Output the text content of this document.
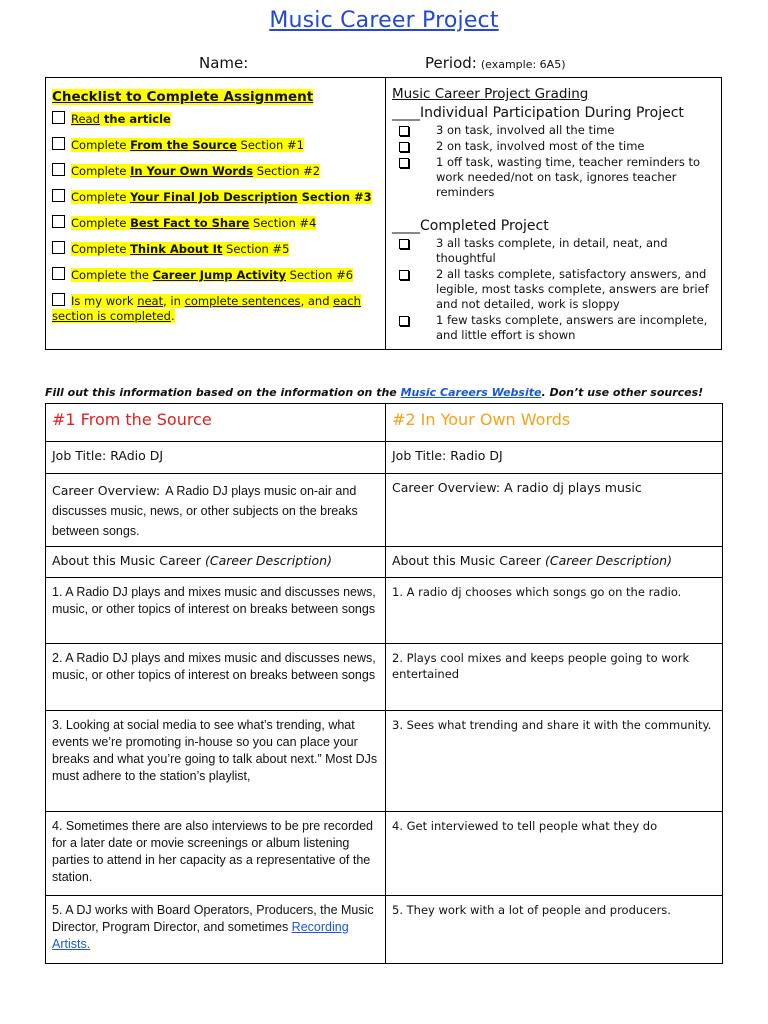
Music Career Project
Name:	Period: (example: 6A5)
Checklist to Complete Assignment
Read the article
Complete From the Source Section #1
Complete In Your Own Words Section #2
Complete Your Final Job Description Section #3
Complete Best Fact to Share Section #4
Complete Think About It Section #5
Complete the Career Jump Activity Section #6
Is my work neat, in complete sentences, and each section is completed.
Music Career Project Grading
____Individual Participation During Project
3 on task, involved all the time
2 on task, involved most of the time
1 off task, wasting time, teacher reminders to work needed/not on task, ignores teacher reminders
____Completed Project
3 all tasks complete, in detail, neat, and thoughtful
2 all tasks complete, satisfactory answers, and legible, most tasks complete, answers are brief and not detailed, work is sloppy
1 few tasks complete, answers are incomplete, and little effort is shown
Fill out this information based on the information on the Music Careers Website. Don’t use other sources!
#1 From the Source	#2 In Your Own Words
Job Title: RAdio DJ	Job Title: Radio DJ
Career Overview: A Radio DJ plays music on-air and discusses music, news, or other subjects on the breaks between songs.	Career Overview: A radio dj plays music
About this Music Career (Career Description)	About this Music Career (Career Description)
1. A Radio DJ plays and mixes music and discusses news, music, or other topics of interest on breaks between songs	1. A radio dj chooses which songs go on the radio.
2. A Radio DJ plays and mixes music and discusses news, music, or other topics of interest on breaks between songs	2. Plays cool mixes and keeps people going to work entertained
3. Looking at social media to see what’s trending, what events we’re promoting in-house so you can place your breaks and what you’re going to talk about next.” Most DJs must adhere to the station’s playlist,	3. Sees what trending and share it with the community.
4. Sometimes there are also interviews to be pre recorded for a later date or movie screenings or album listening parties to attend in her capacity as a representative of the station.	4. Get interviewed to tell people what they do
5. A DJ works with Board Operators, Producers, the Music Director, Program Director, and sometimes Recording Artists.	5. They work with a lot of people and producers.
